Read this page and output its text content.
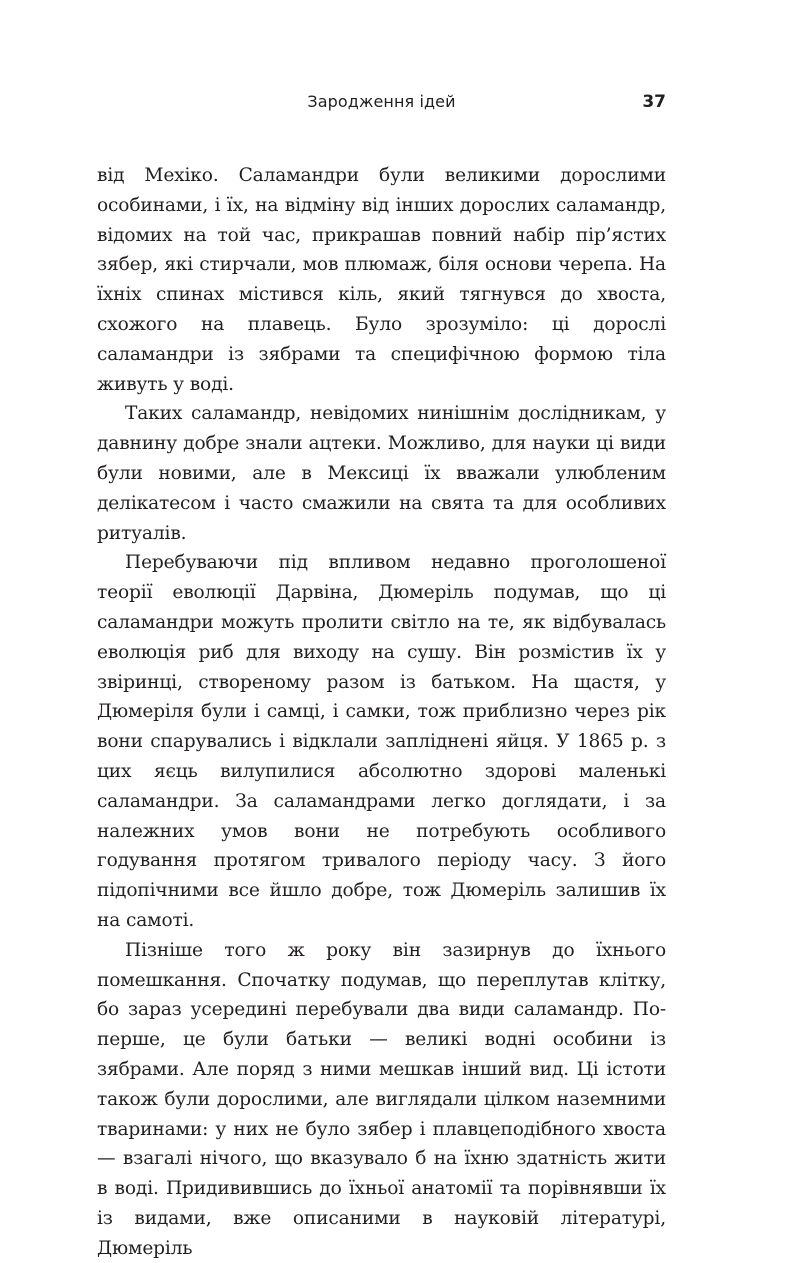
Зародження ідей	37

від Мехіко. Саламандри були великими дорослими особинами, і їх, на відміну від інших дорослих саламандр, відомих на той час, прикрашав повний набір пір’ястих зябер, які стирчали, мов плюмаж, біля основи черепа. На їхніх спинах містився кіль, який тягнувся до хвоста, схожого на плавець. Було зрозуміло: ці дорослі саламандри із зябрами та специфічною формою тіла живуть у воді.

Таких саламандр, невідомих нинішнім дослідникам, у давнину добре знали ацтеки. Можливо, для науки ці види були новими, але в Мексиці їх вважали улюбленим делікатесом і часто смажили на свята та для особливих ритуалів.

Перебуваючи під впливом недавно проголошеної теорії еволюції Дарвіна, Дюмеріль подумав, що ці саламандри можуть пролити світло на те, як відбувалась еволюція риб для виходу на сушу. Він розмістив їх у звіринці, створеному разом із батьком. На щастя, у Дюмеріля були і самці, і самки, тож приблизно через рік вони спарувались і відклали запліднені яйця. У 1865 р. з цих яєць вилупилися абсолютно здорові маленькі саламандри. За саламандрами легко доглядати, і за належних умов вони не потребують особливого годування протягом тривалого періоду часу. З його підопічними все йшло добре, тож Дюмеріль залишив їх на самоті.

Пізніше того ж року він зазирнув до їхнього помешкання. Спочатку подумав, що переплутав клітку, бо зараз усередині перебували два види саламандр. По-перше, це були батьки — великі водні особини із зябрами. Але поряд з ними мешкав інший вид. Ці істоти також були дорослими, але виглядали цілком наземними тваринами: у них не було зябер і плавцеподібного хвоста — взагалі нічого, що вказувало б на їхню здатність жити в воді. Придивившись до їхньої анатомії та порівнявши їх із видами, вже описаними в науковій літературі, Дюмеріль
